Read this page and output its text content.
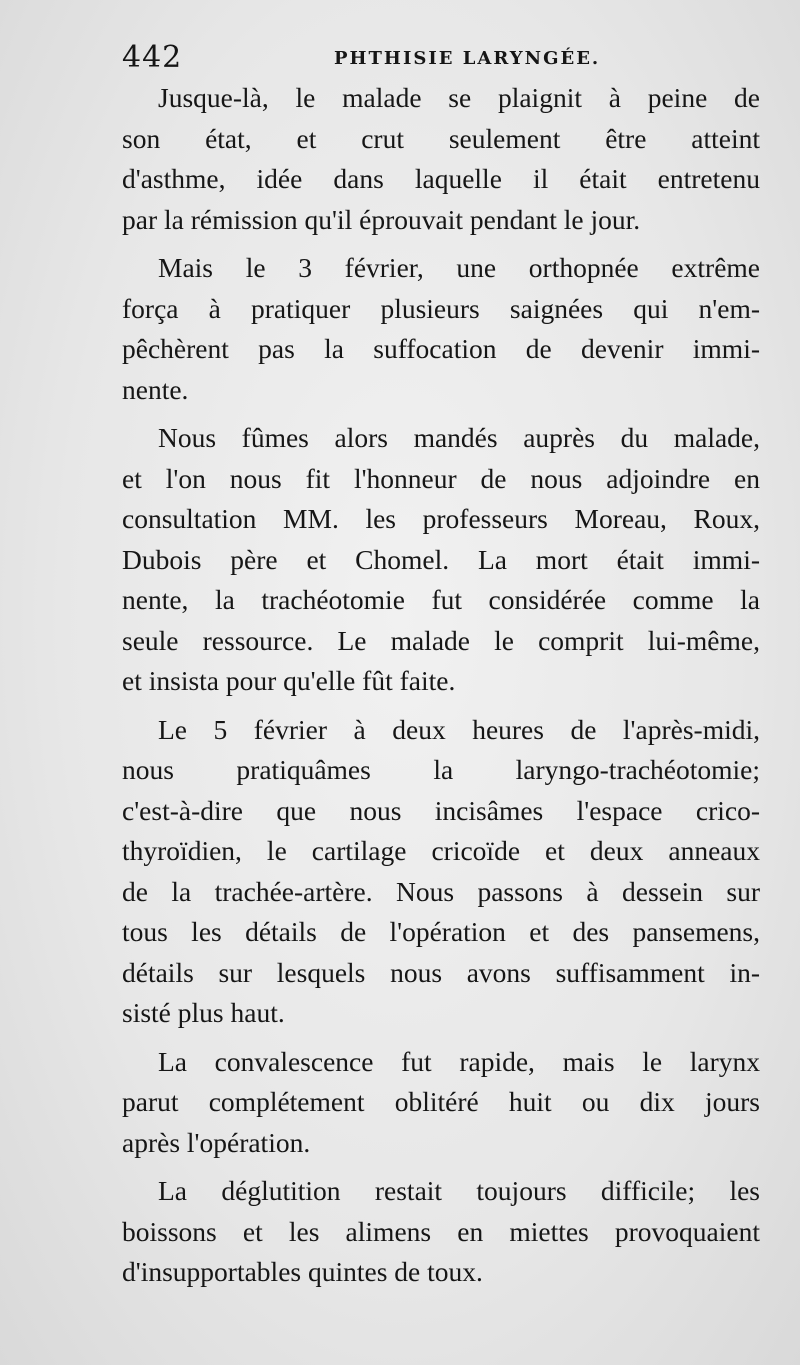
442	PHTHISIE LARYNGÉE.
Jusque-là, le malade se plaignit à peine de
son état, et crut seulement être atteint
d'asthme, idée dans laquelle il était entretenu
par la rémission qu'il éprouvait pendant le jour.
Mais le 3 février, une orthopnée extrême
força à pratiquer plusieurs saignées qui n'em-
pêchèrent pas la suffocation de devenir immi-
nente.
Nous fûmes alors mandés auprès du malade,
et l'on nous fit l'honneur de nous adjoindre en
consultation MM. les professeurs Moreau, Roux,
Dubois père et Chomel. La mort était immi-
nente, la trachéotomie fut considérée comme la
seule ressource. Le malade le comprit lui-même,
et insista pour qu'elle fût faite.
Le 5 février à deux heures de l'après-midi,
nous pratiquâmes la laryngo-trachéotomie;
c'est-à-dire que nous incisâmes l'espace crico-
thyroïdien, le cartilage cricoïde et deux anneaux
de la trachée-artère. Nous passons à dessein sur
tous les détails de l'opération et des pansemens,
détails sur lesquels nous avons suffisamment in-
sisté plus haut.
La convalescence fut rapide, mais le larynx
parut complétement oblitéré huit ou dix jours
après l'opération.
La déglutition restait toujours difficile; les
boissons et les alimens en miettes provoquaient
d'insupportables quintes de toux.
